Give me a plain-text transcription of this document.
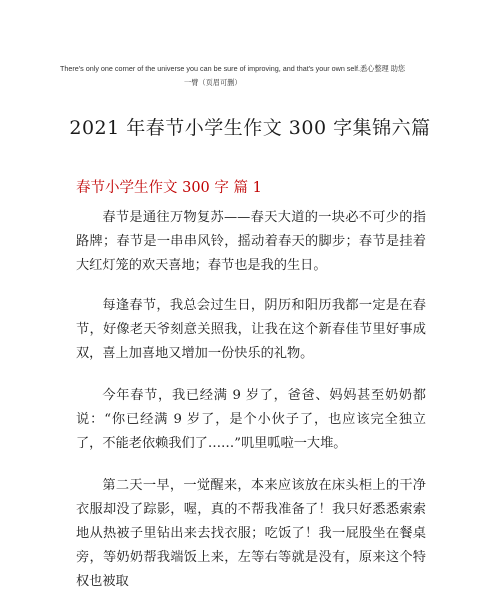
There's only one corner of the universe you can be sure of improving, and that's your own self.悉心整理 助您
一臂（页眉可删）
2021 年春节小学生作文 300 字集锦六篇
春节小学生作文 300 字 篇 1

春节是通往万物复苏——春天大道的一块必不可少的指路牌；春节是一串串风铃，摇动着春天的脚步；春节是挂着大红灯笼的欢天喜地；春节也是我的生日。

每逢春节，我总会过生日，阴历和阳历我都一定是在春节，好像老天爷刻意关照我，让我在这个新春佳节里好事成双，喜上加喜地又增加一份快乐的礼物。

今年春节，我已经满 9 岁了，爸爸、妈妈甚至奶奶都说：“你已经满 9 岁了，是个小伙子了，也应该完全独立了，不能老依赖我们了……”叽里呱啦一大堆。

第二天一早，一觉醒来，本来应该放在床头柜上的干净衣服却没了踪影，喔，真的不帮我准备了！我只好悉悉索索地从热被子里钻出来去找衣服；吃饭了！我一屁股坐在餐桌旁，等奶奶帮我端饭上来，左等右等就是没有，原来这个特权也被取
